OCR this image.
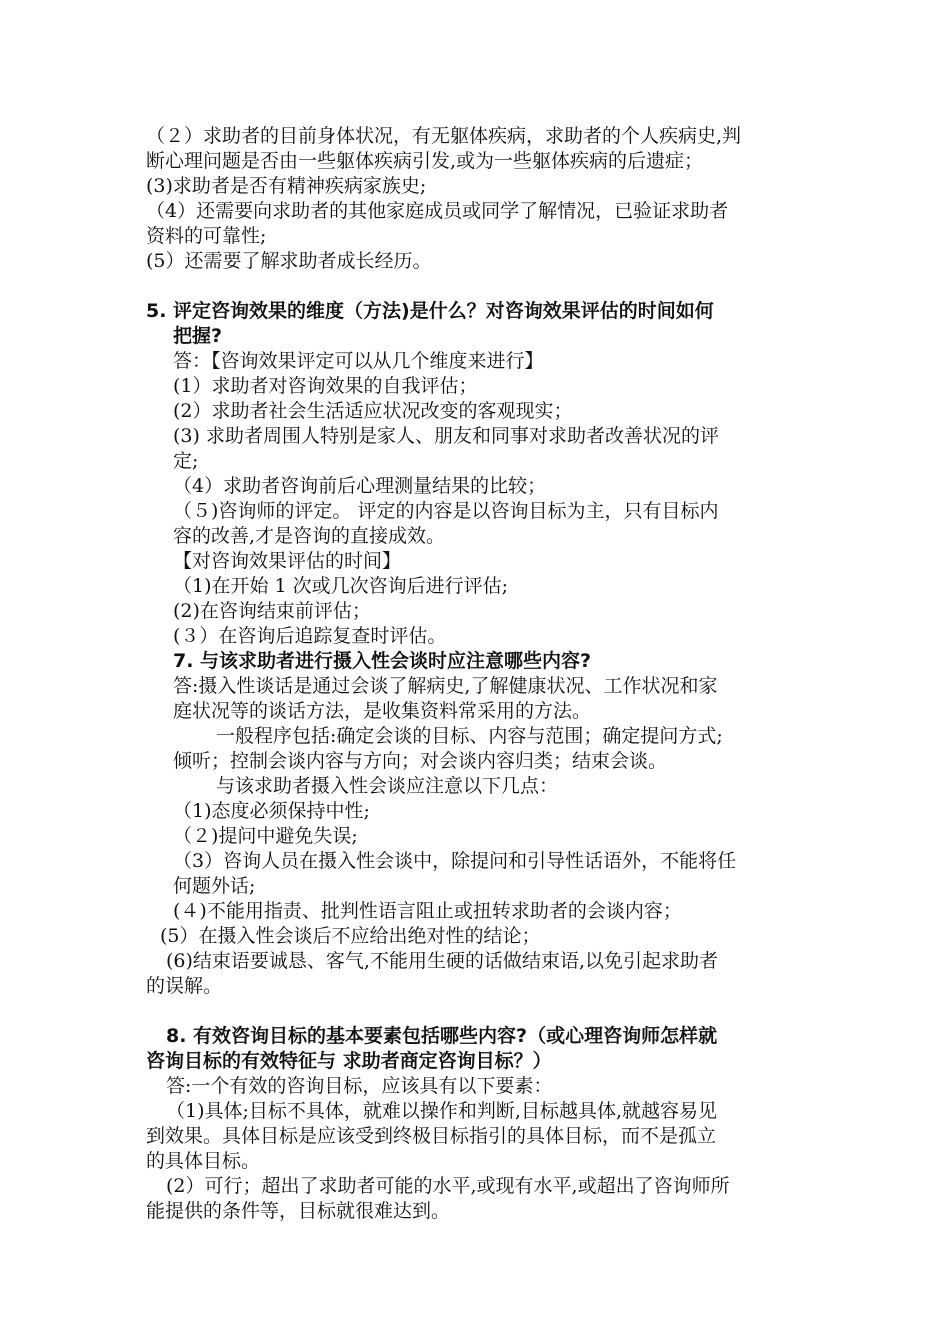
（２）求助者的目前身体状况，有无躯体疾病，求助者的个人疾病史,判
断心理问题是否由一些躯体疾病引发,或为一些躯体疾病的后遗症；
(3)求助者是否有精神疾病家族史;
（4）还需要向求助者的其他家庭成员或同学了解情况，已验证求助者
资料的可靠性;
(5）还需要了解求助者成长经历。
5. 评定咨询效果的维度（方法)是什么？对咨询效果评估的时间如何
把握?
答：【咨询效果评定可以从几个维度来进行】
(1）求助者对咨询效果的自我评估；
(2）求助者社会生活适应状况改变的客观现实；
(3) 求助者周围人特别是家人、朋友和同事对求助者改善状况的评
定;
（4）求助者咨询前后心理测量结果的比较；
（５)咨询师的评定。 评定的内容是以咨询目标为主，只有目标内
容的改善,才是咨询的直接成效。
【对咨询效果评估的时间】
（1)在开始 1 次或几次咨询后进行评估;
(2)在咨询结束前评估；
(３）在咨询后追踪复查时评估。
7. 与该求助者进行摄入性会谈时应注意哪些内容?
答:摄入性谈话是通过会谈了解病史,了解健康状况、工作状况和家
庭状况等的谈话方法，是收集资料常采用的方法。
一般程序包括:确定会谈的目标、内容与范围；确定提问方式;
倾听；控制会谈内容与方向；对会谈内容归类；结束会谈。
与该求助者摄入性会谈应注意以下几点：
（1)态度必须保持中性;
（２)提问中避免失误;
（3）咨询人员在摄入性会谈中，除提问和引导性话语外，不能将任
何题外话;
(４)不能用指责、批判性语言阻止或扭转求助者的会谈内容；
(5）在摄入性会谈后不应给出绝对性的结论；
(6)结束语要诚恳、客气,不能用生硬的话做结束语,以免引起求助者
的误解。
8. 有效咨询目标的基本要素包括哪些内容?（或心理咨询师怎样就
咨询目标的有效特征与 求助者商定咨询目标？）
答:一个有效的咨询目标，应该具有以下要素：
（1)具体;目标不具体，就难以操作和判断,目标越具体,就越容易见
到效果。具体目标是应该受到终极目标指引的具体目标，而不是孤立
的具体目标。
(2）可行；超出了求助者可能的水平,或现有水平,或超出了咨询师所
能提供的条件等，目标就很难达到。
